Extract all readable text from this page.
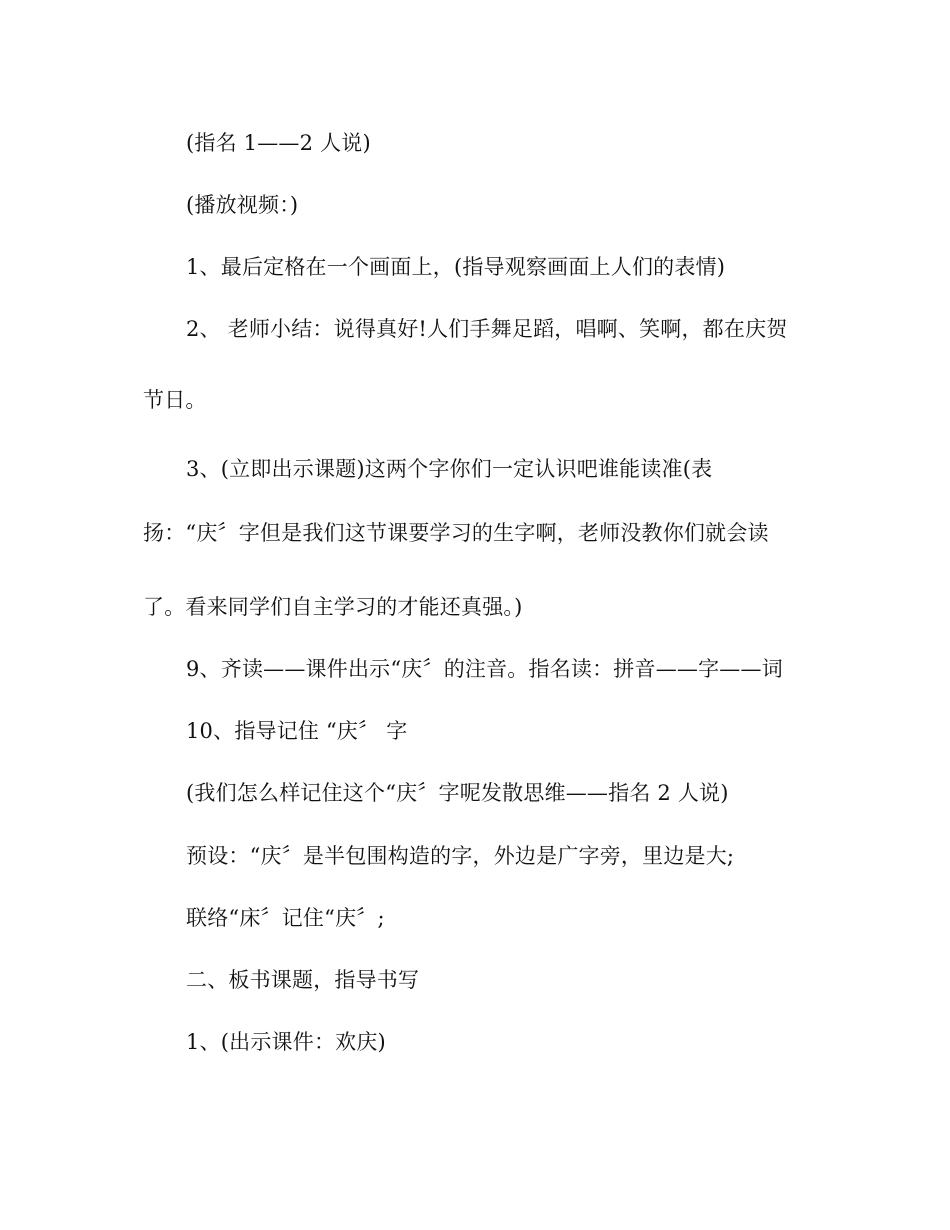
(指名 1——2 人说)
(播放视频：)
1、最后定格在一个画面上，(指导观察画面上人们的表情)
2、 老师小结：说得真好!人们手舞足蹈，唱啊、笑啊，都在庆贺
节日。
3、(立即出示课题)这两个字你们一定认识吧谁能读准(表
扬：“庆〞字但是我们这节课要学习的生字啊，老师没教你们就会读
了。看来同学们自主学习的才能还真强。)
9、齐读——课件出示“庆〞的注音。指名读：拼音——字——词
10、指导记住 “庆〞 字
(我们怎么样记住这个“庆〞字呢发散思维——指名 2 人说)
预设：“庆〞是半包围构造的字，外边是广字旁，里边是大;
联络“床〞记住“庆〞;
二、板书课题，指导书写
1、(出示课件：欢庆)
